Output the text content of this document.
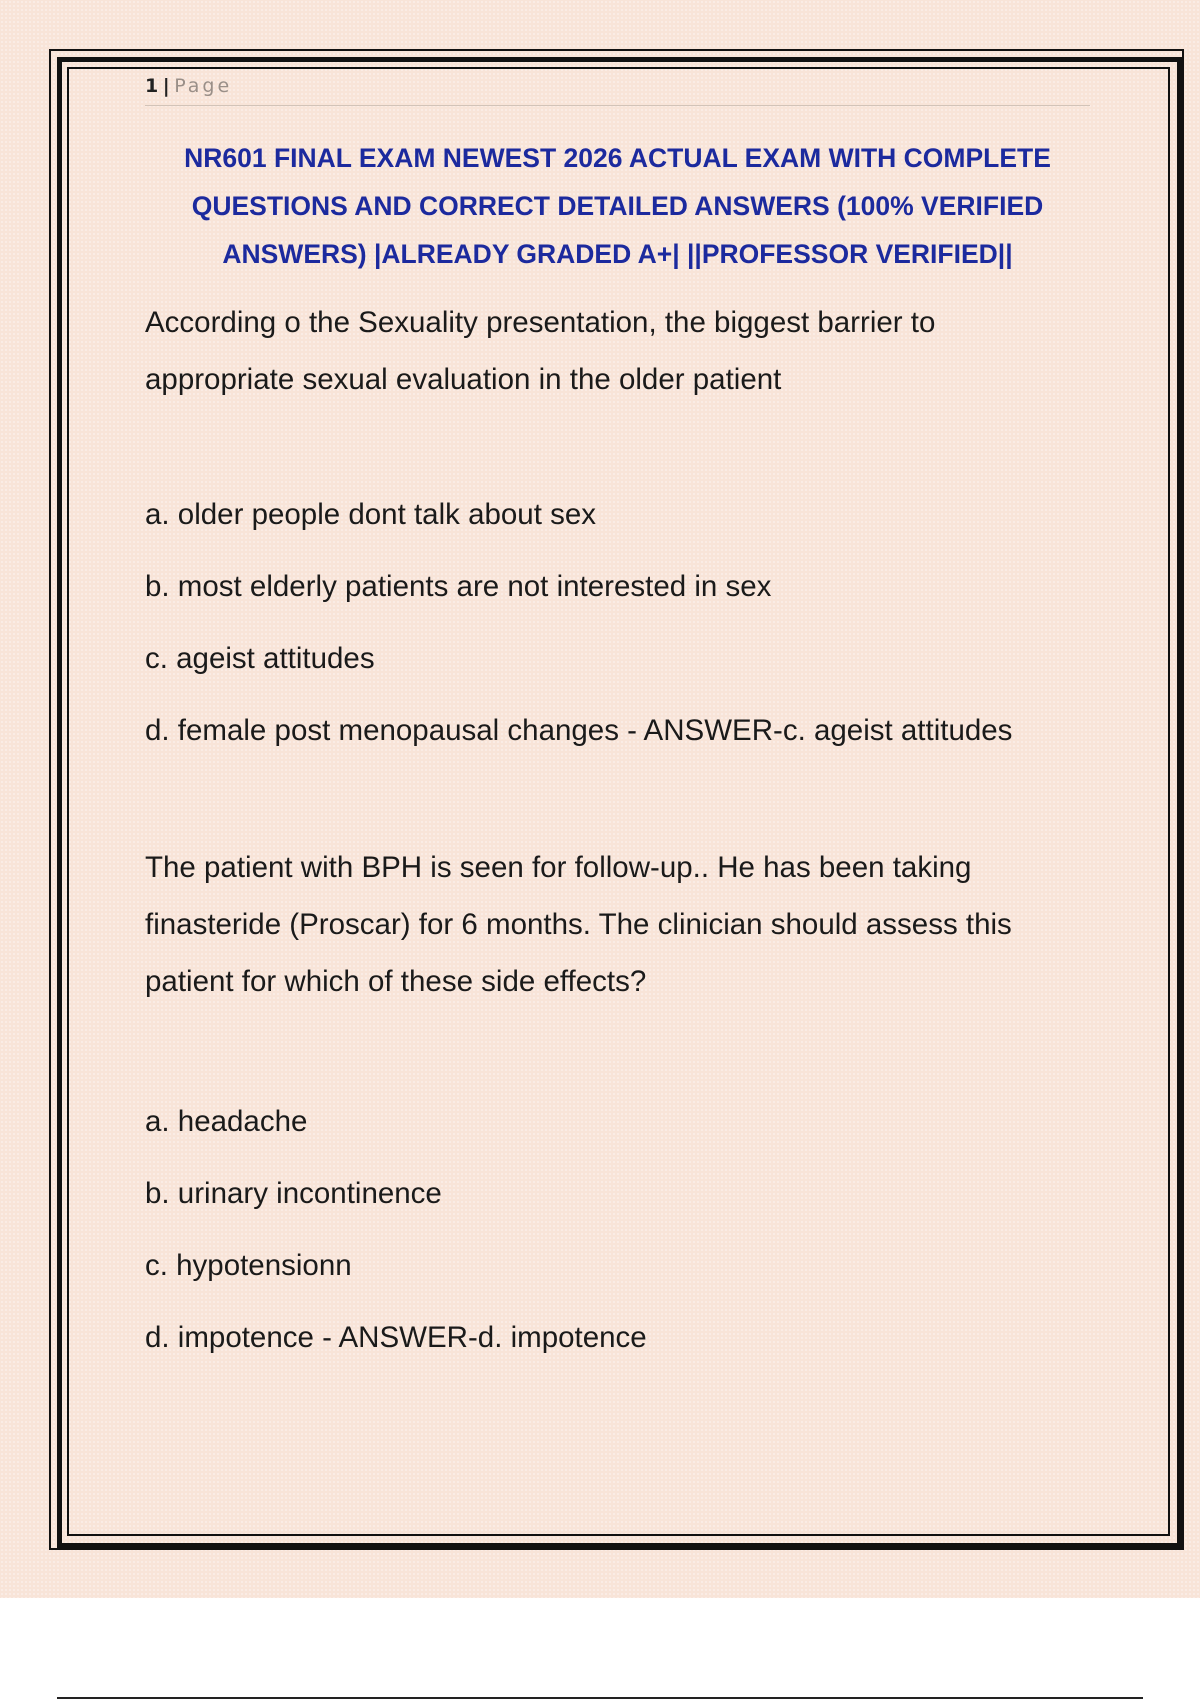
1 | Page
NR601 FINAL EXAM NEWEST 2026 ACTUAL EXAM WITH COMPLETE
QUESTIONS AND CORRECT DETAILED ANSWERS (100% VERIFIED
ANSWERS) |ALREADY GRADED A+| ||PROFESSOR VERIFIED||
According o the Sexuality presentation, the biggest barrier to appropriate sexual evaluation in the older patient
a. older people dont talk about sex
b. most elderly patients are not interested in sex
c. ageist attitudes
d. female post menopausal changes - ANSWER-c. ageist attitudes
The patient with BPH is seen for follow-up.. He has been taking finasteride (Proscar) for 6 months. The clinician should assess this patient for which of these side effects?
a. headache
b. urinary incontinence
c. hypotensionn
d. impotence - ANSWER-d. impotence
